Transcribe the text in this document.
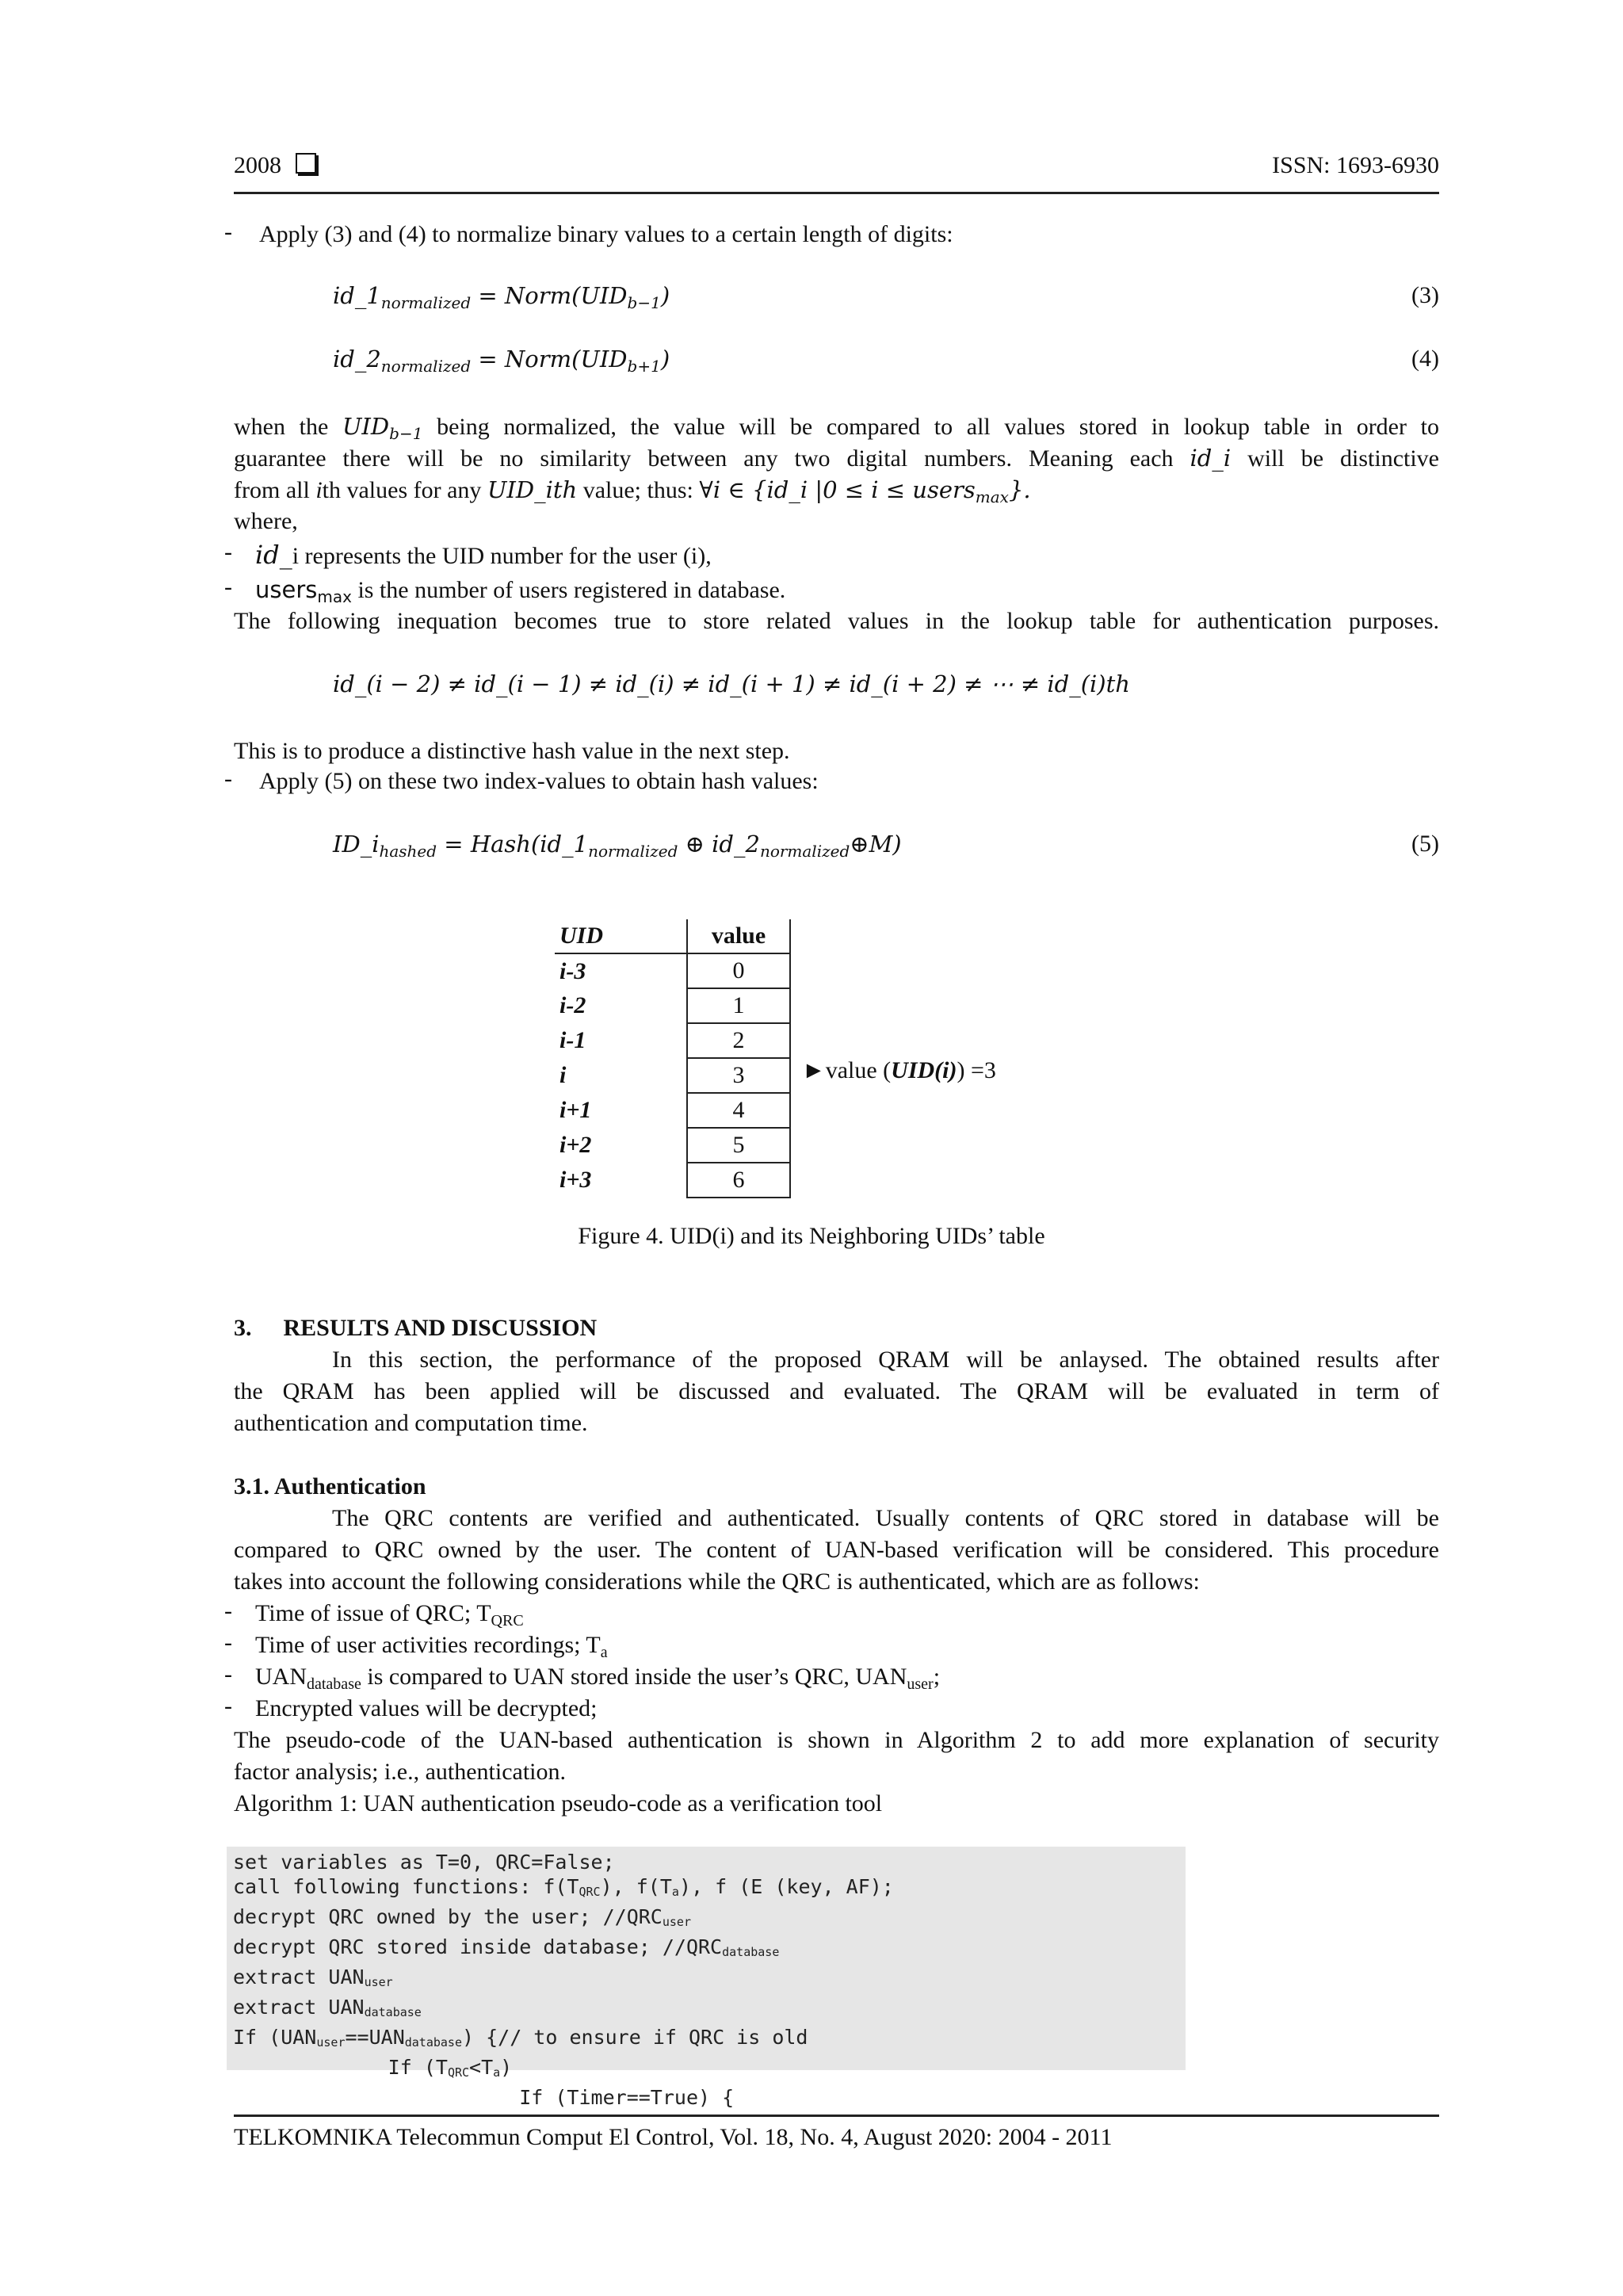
2008	ISSN: 1693-6930
- Apply (3) and (4) to normalize binary values to a certain length of digits:
$id\_1_{normalized}$ = $Norm(UID_{b-1})$	(3)
$id\_2_{normalized}$ = $Norm(UID_{b+1})$	(4)
when the $UID_{b-1}$ being normalized, the value will be compared to all values stored in lookup table in order to
guarantee there will be no similarity between any two digital numbers. Meaning each id_i will be distinctive
from all ith values for any UID_ith value; thus: ∀i ∈ {id_i |0 ≤ i ≤ users$_{max}$}.
where,
- id_i represents the UID number for the user (i),
- users$_{max}$ is the number of users registered in database.
The following inequation becomes true to store related values in the lookup table for authentication purposes.
id_(i − 2) ≠ id_(i − 1) ≠ id_(i) ≠ id_(i + 1) ≠ id_(i + 2) ≠ ⋯ ≠ id_(i)th
This is to produce a distinctive hash value in the next step.
- Apply (5) on these two index-values to obtain hash values:
$ID\_i_{hashed}$ = $Hash(id\_1_{normalized}$ ⊕ $id\_2_{normalized}\oplus M$)	(5)
UID	value
i-3	0
i-2	1
i-1	2
i	3
i+1	4
i+2	5
i+3	6
►value (UID(i)) =3
Figure 4. UID(i) and its Neighboring UIDs’ table
3. RESULTS AND DISCUSSION
In this section, the performance of the proposed QRAM will be anlaysed. The obtained results after
the QRAM has been applied will be discussed and evaluated. The QRAM will be evaluated in term of
authentication and computation time.
3.1. Authentication
The QRC contents are verified and authenticated. Usually contents of QRC stored in database will be
compared to QRC owned by the user. The content of UAN-based verification will be considered. This procedure
takes into account the following considerations while the QRC is authenticated, which are as follows:
- Time of issue of QRC; $T_{QRC}$
- Time of user activities recordings; $T_a$
- $UAN_{database}$ is compared to UAN stored inside the user’s QRC, $UAN_{user}$;
- Encrypted values will be decrypted;
The pseudo-code of the UAN-based authentication is shown in Algorithm 2 to add more explanation of security
factor analysis; i.e., authentication.
Algorithm 1: UAN authentication pseudo-code as a verification tool
set variables as T=0, QRC=False;
call following functions: f(TQRC), f(Ta), f (E (key, AF);
decrypt QRC owned by the user; //QRCuser
decrypt QRC stored inside database; //QRCdatabase
extract UANuser
extract UANdatabase
If (UANuser==UANdatabase) {// to ensure if QRC is old
If (TQRC<Ta)
If (Timer==True) {
TELKOMNIKA Telecommun Comput El Control, Vol. 18, No. 4, August 2020: 2004 - 2011
